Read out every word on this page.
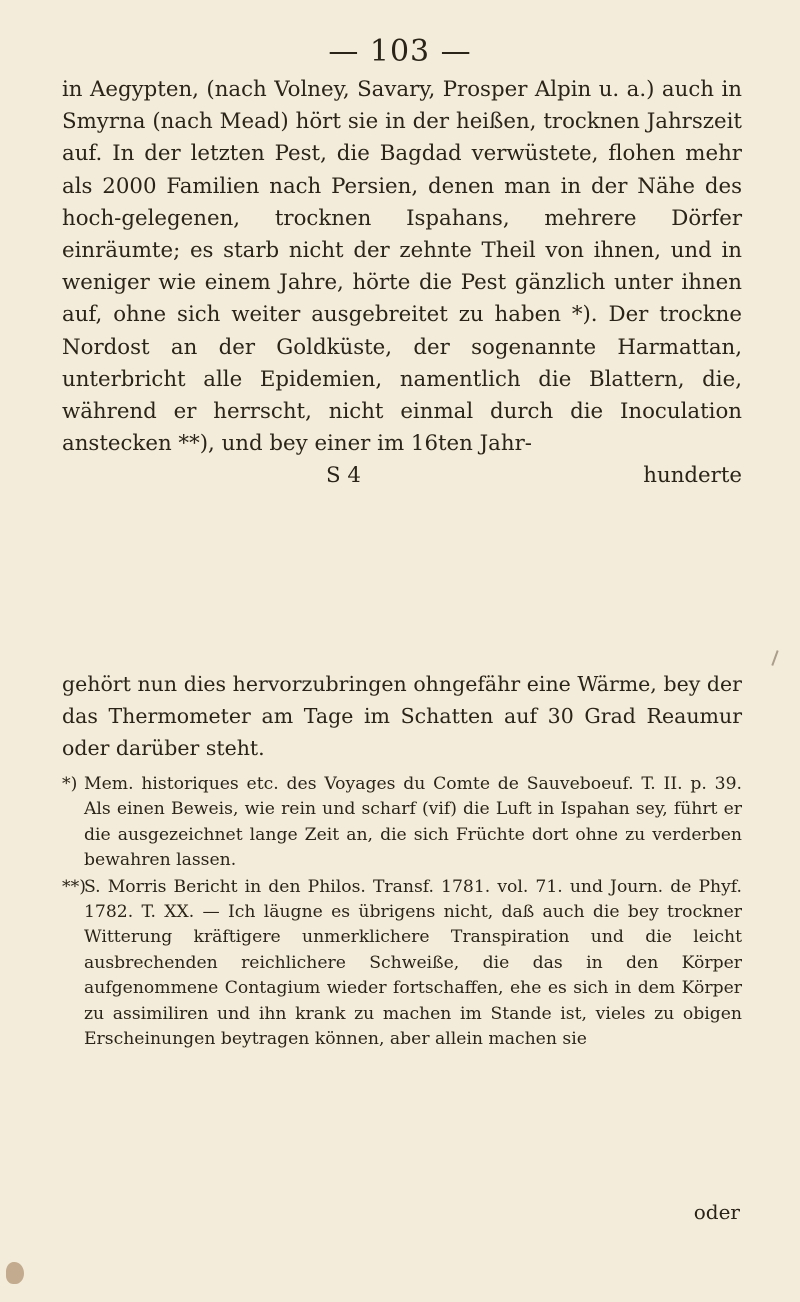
— 103 —

in Aegypten, (nach Volney, Savary, Prosper Alpin u. a.) auch in Smyrna (nach Mead) hört sie in der heißen, trocknen Jahrszeit auf. In der letzten Pest, die Bagdad verwüstete, flohen mehr als 2000 Familien nach Persien, denen man in der Nähe des hoch-gelegenen, trocknen Ispahans, mehrere Dörfer einräumte; es starb nicht der zehnte Theil von ihnen, und in weniger wie einem Jahre, hörte die Pest gänzlich unter ihnen auf, ohne sich weiter ausgebreitet zu haben *). Der trockne Nordost an der Goldküste, der sogenannte Harmattan, unterbricht alle Epidemien, namentlich die Blattern, die, während er herrscht, nicht einmal durch die Inoculation anstecken **), und bey einer im 16ten Jahr-

S 4	hunderte

gehört nun dies hervorzubringen ohngefähr eine Wärme, bey der das Thermometer am Tage im Schatten auf 30 Grad Reaumur oder darüber steht.

*) Mem. historiques etc. des Voyages du Comte de Sauveboeuf. T. II. p. 39. Als einen Beweis, wie rein und scharf (vif) die Luft in Ispahan sey, führt er die ausgezeichnet lange Zeit an, die sich Früchte dort ohne zu verderben bewahren lassen.

**)S. Morris Bericht in den Philos. Transf. 1781. vol. 71. und Journ. de Phyf. 1782. T. XX. — Ich läugne es übrigens nicht, daß auch die bey trockner Witterung kräftigere unmerklichere Transpiration und die leicht ausbrechenden reichlichere Schweiße, die das in den Körper aufgenommene Contagium wieder fortschaffen, ehe es sich in dem Körper zu assimiliren und ihn krank zu machen im Stande ist, vieles zu obigen Erscheinungen beytragen können, aber allein machen sie

oder
